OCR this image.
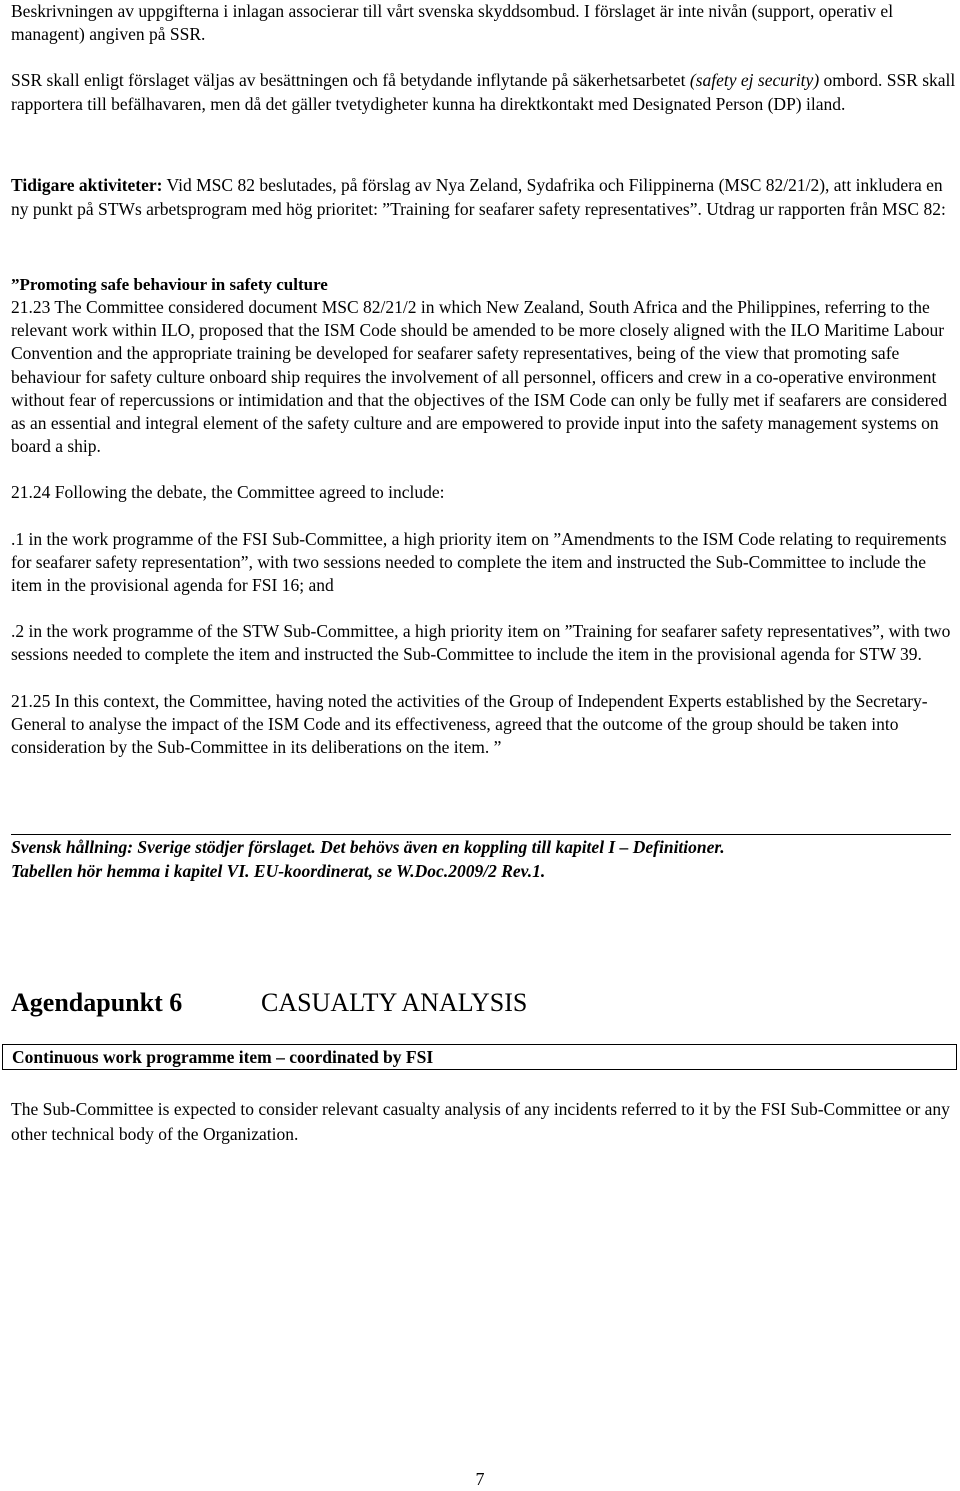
Beskrivningen av uppgifterna i inlagan associerar till vårt svenska skyddsombud. I förslaget är inte nivån (support, operativ el managent) angiven på SSR.

SSR skall enligt förslaget väljas av besättningen och få betydande inflytande på säkerhetsarbetet (safety ej security) ombord. SSR skall rapportera till befälhavaren, men då det gäller tvetydigheter kunna ha direktkontakt med Designated Person (DP) iland.

Tidigare aktiviteter: Vid MSC 82 beslutades, på förslag av Nya Zeland, Sydafrika och Filippinerna (MSC 82/21/2), att inkludera en ny punkt på STWs arbetsprogram med hög prioritet: ”Training for seafarer safety representatives”. Utdrag ur rapporten från MSC 82:

”Promoting safe behaviour in safety culture

21.23 The Committee considered document MSC 82/21/2 in which New Zealand, South Africa and the Philippines, referring to the relevant work within ILO, proposed that the ISM Code should be amended to be more closely aligned with the ILO Maritime Labour Convention and the appropriate training be developed for seafarer safety representatives, being of the view that promoting safe behaviour for safety culture onboard ship requires the involvement of all personnel, officers and crew in a co-operative environment without fear of repercussions or intimidation and that the objectives of the ISM Code can only be fully met if seafarers are considered as an essential and integral element of the safety culture and are empowered to provide input into the safety management systems on board a ship.

21.24 Following the debate, the Committee agreed to include:

.1 in the work programme of the FSI Sub-Committee, a high priority item on ”Amendments to the ISM Code relating to requirements for seafarer safety representation”, with two sessions needed to complete the item and instructed the Sub-Committee to include the item in the provisional agenda for FSI 16; and

.2 in the work programme of the STW Sub-Committee, a high priority item on ”Training for seafarer safety representatives”, with two sessions needed to complete the item and instructed the Sub-Committee to include the item in the provisional agenda for STW 39.

21.25 In this context, the Committee, having noted the activities of the Group of Independent Experts established by the Secretary-General to analyse the impact of the ISM Code and its effectiveness, agreed that the outcome of the group should be taken into consideration by the Sub-Committee in its deliberations on the item. ”

Svensk hållning: Sverige stödjer förslaget. Det behövs även en koppling till kapitel I – Definitioner.
Tabellen hör hemma i kapitel VI. EU-koordinerat, se W.Doc.2009/2 Rev.1.
Agendapunkt 6	CASUALTY ANALYSIS
Continuous work programme item – coordinated by FSI
The Sub-Committee is expected to consider relevant casualty analysis of any incidents referred to it by the FSI Sub-Committee or any other technical body of the Organization.
7
